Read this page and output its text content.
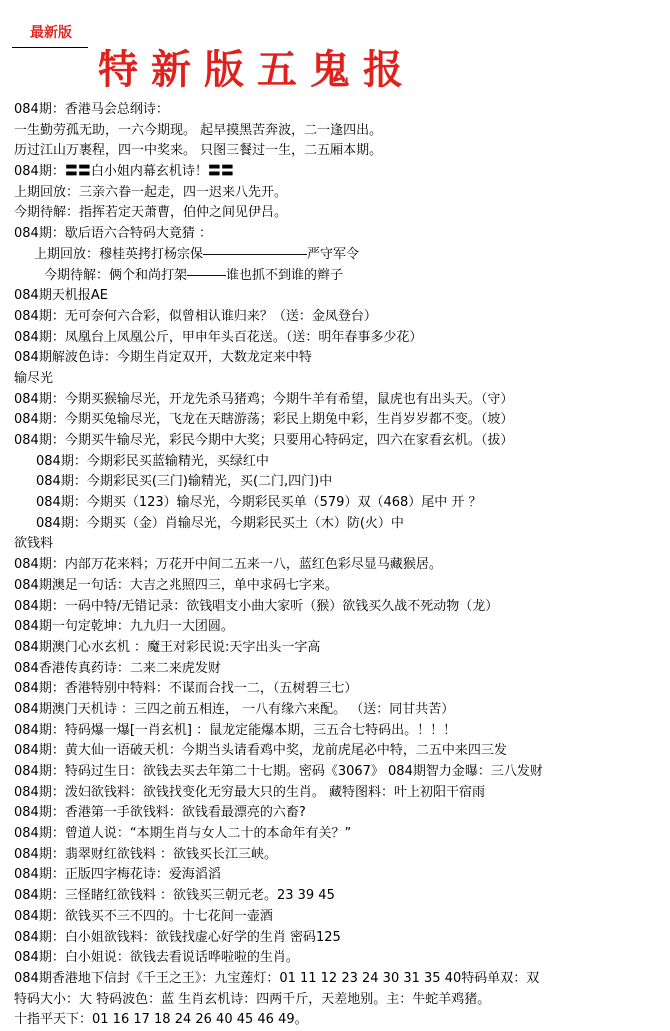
最新版
特新版五鬼报
084期：香港马会总纲诗：
一生勤劳孤无助，一六今期现。 起早摸黑苦奔波，二一逢四出。
历过江山万裹程，四一中奖来。 只图三餐过一生，二五厢本期。
084期：〓〓白小姐内幕玄机诗！〓〓
上期回放：三亲六眷一起走，四一迟来八先开。
今期待解：指挥若定天萧曹，伯仲之间见伊吕。
084期：歇后语六合特码大竟猜 ：
上期回放：穆桂英拷打杨宗保――――――――严守军令
今期待解：俩个和尚打架―――谁也抓不到谁的辫子
084期天机报AE
084期：无可奈何六合彩，似曾相认谁归来？（送：金凤登台）
084期：凤凰台上凤凰公斤，甲申年头百花送。（送：明年春事多少花）
084期解波色诗：今期生肖定双开，大数龙定来中特
输尽光
084期：今期买猴输尽光，开龙先杀马猪鸡；今期牛羊有希望，鼠虎也有出头天。（守）
084期：今期买兔输尽光，飞龙在天瞎游荡；彩民上期兔中彩，生肖岁岁都不变。（坡）
084期：今期买牛输尽光，彩民今期中大奖；只要用心特码定，四六在家看玄机。（拔）
084期：今期彩民买蓝输精光，买绿红中
084期：今期彩民买(三门)输精光，买(二门,四门)中
084期：今期买（123）输尽光，今期彩民买单（579）双（468）尾中 开 ？
084期：今期买（金）肖输尽光，今期彩民买土（木）防(火）中
欲钱料
084期：内部万花来料；万花开中间二五来一八，蓝红色彩尽显马藏猴居。
084期澳足一句话：大吉之兆照四三，单中求码七字来。
084期：一码中特/无错记录：欲钱唱支小曲大家听（猴）欲钱买久战不死动物（龙）
084期一句定乾坤：九九归一大团圆。
084期澳门心水玄机 ：魔王对彩民说:天字出头一字高
084香港传真药诗：二来二来虎发财
084期：香港特别中特料：不谋而合找一二，（五树碧三七）
084期澳门天机诗 ：三四之前五相连， 一八有缘六来配。 （送：同甘共苦）
084期：特码爆一爆[一肖玄机] ：鼠龙定能爆本期，三五合七特码出。！！！
084期：黄大仙一语破天机：今期当头请看鸡中奖，龙前虎尾必中特，二五中来四三发
084期：特码过生日：欲钱去买去年第二十七期。密码《3067》 084期智力金曝：三八发财
084期：泼妇欲钱料：欲钱找变化无穷最大只的生肖。 藏特图料：叶上初阳干宿雨
084期：香港第一手欲钱料：欲钱看最漂亮的六畜?
084期：曾道人说：“本期生肖与女人二十的本命年有关？”
084期：翡翠财红欲钱料 ：欲钱买长江三峡。
084期：正版四字梅花诗：爱海滔滔
084期：三怪睹红欲钱料 ：欲钱买三朝元老。23 39 45
084期：欲钱买不三不四的。十七花间一壶酒
084期：白小姐欲钱料：欲钱找虚心好学的生肖 密码125
084期：白小姐说：欲钱去看说话哗啦啦的生肖。
084期香港地下信封《千王之王》：九宝莲灯：01 11 12 23 24 30 31 35 40特码单双：双
特码大小：大 特码波色：蓝 生肖玄机诗：四两千斤，天差地别。主：牛蛇羊鸡猪。
十指平天下：01 16 17 18 24 26 40 45 46 49。
